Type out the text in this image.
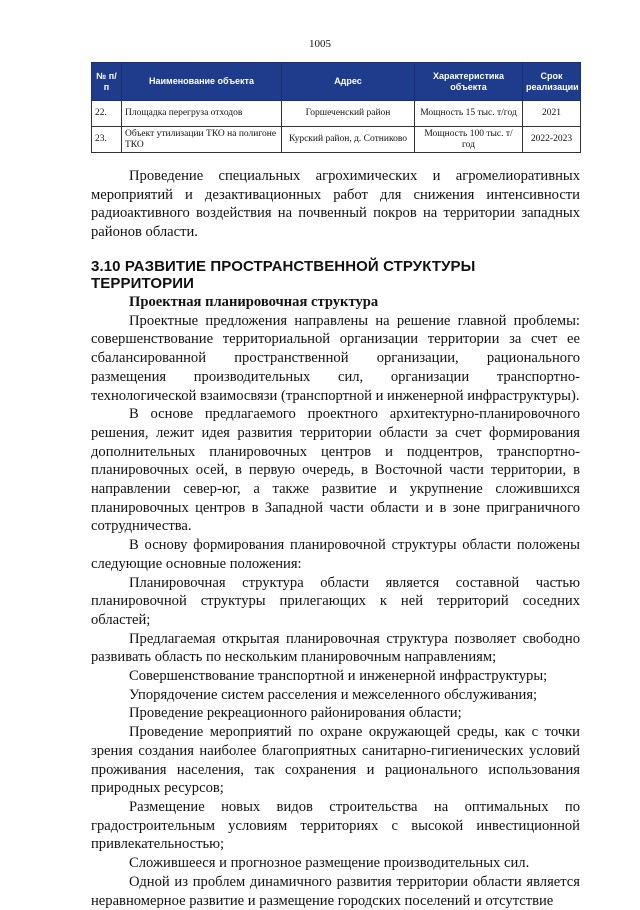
1005
№ п/п	Наименование объекта	Адрес	Характеристика объекта	Срок реализации
22.	Площадка перегруза отходов	Горшеченский район	Мощность 15 тыс. т/год	2021
23.	Объект утилизации ТКО на полигоне ТКО	Курский район, д. Сотниково	Мощность 100 тыс. т/год	2022-2023

Проведение специальных агрохимических и агромелиоративных мероприятий и дезактивационных работ для снижения интенсивности радиоактивного воздействия на почвенный покров на территории западных районов области.

3.10 РАЗВИТИЕ ПРОСТРАНСТВЕННОЙ СТРУКТУРЫ ТЕРРИТОРИИ

Проектная планировочная структура

Проектные предложения направлены на решение главной проблемы: совершенствование территориальной организации территории за счет ее сбалансированной пространственной организации, рационального размещения производительных сил, организации транспортно-технологической взаимосвязи (транспортной и инженерной инфраструктуры).

В основе предлагаемого проектного архитектурно-планировочного решения, лежит идея развития территории области за счет формирования дополнительных планировочных центров и подцентров, транспортно-планировочных осей, в первую очередь, в Восточной части территории, в направлении север-юг, а также развитие и укрупнение сложившихся планировочных центров в Западной части области и в зоне приграничного сотрудничества.

В основу формирования планировочной структуры области положены следующие основные положения:

Планировочная структура области является составной частью планировочной структуры прилегающих к ней территорий соседних областей;

Предлагаемая открытая планировочная структура позволяет свободно развивать область по нескольким планировочным направлениям;

Совершенствование транспортной и инженерной инфраструктуры;

Упорядочение систем расселения и межселенного обслуживания;

Проведение рекреационного районирования области;

Проведение мероприятий по охране окружающей среды, как с точки зрения создания наиболее благоприятных санитарно-гигиенических условий проживания населения, так сохранения и рационального использования природных ресурсов;

Размещение новых видов строительства на оптимальных по градостроительным условиям территориях с высокой инвестиционной привлекательностью;

Сложившееся и прогнозное размещение производительных сил.

Одной из проблем динамичного развития территории области является неравномерное развитие и размещение городских поселений и отсутствие
